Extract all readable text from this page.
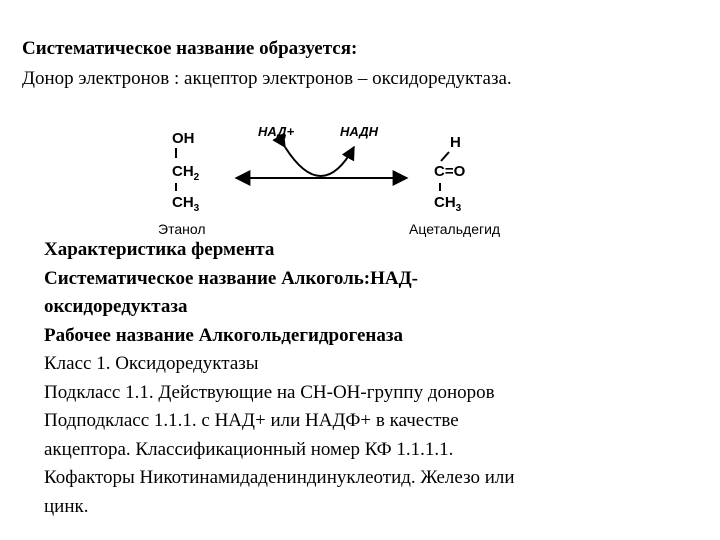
Систематическое название образуется:
Донор электронов : акцептор электронов – оксидоредуктаза.
OH
$CH_2$
$CH_3$
Этанол
НАД+	НАДН
H
C=O
$CH_3$
Ацетальдегид
Характеристика фермента
Систематическое название Алкоголь:НАД-
оксидоредуктаза
Рабочее название Алкогольдегидрогеназа
Класс 1. Оксидоредуктазы
Подкласс 1.1. Действующие на СН-ОН-группу доноров
Подподкласс 1.1.1. с НАД+ или НАДФ+ в качестве
акцептора. Классификационный номер КФ 1.1.1.1.
Кофакторы Никотинамидадениндинуклеотид. Железо или
цинк.
